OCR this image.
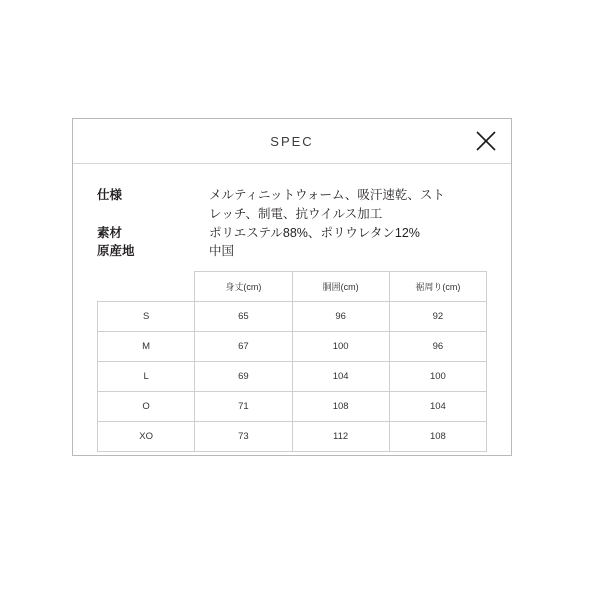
SPEC
仕様	メルティニットウォーム、吸汗速乾、スト
レッチ、制電、抗ウイルス加工
素材	ポリエステル88%、ポリウレタン12%
原産地	中国
	身丈(cm)	胴囲(cm)	裾周り(cm)
S	65	96	92
M	67	100	96
L	69	104	100
O	71	108	104
XO	73	112	108
